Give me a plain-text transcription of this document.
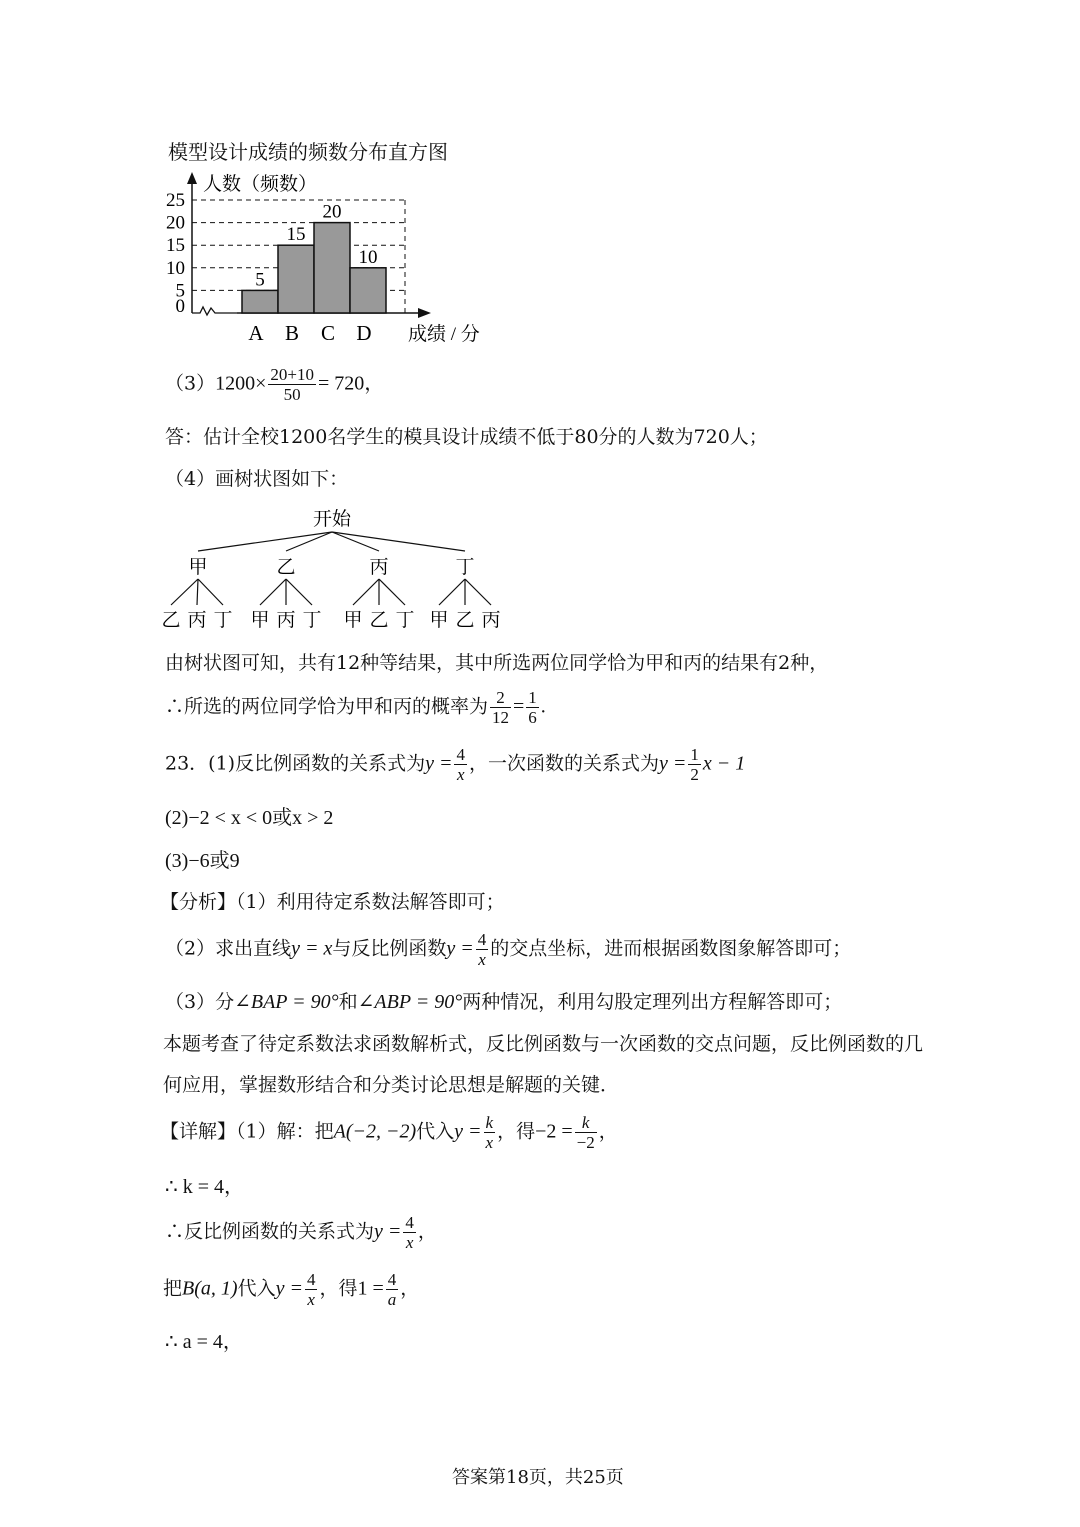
模型设计成绩的频数分布直方图
人数（频数）
25
20
15
10
5
0
5
A
15
B
20
C
10
D 成绩 / 分
$(3)1200\times \frac{20+10}{50} = 720$，
答：估计全校1200名学生的模具设计成绩不低于80分的人数为720人；
（4）画树状图如下：
开始
甲
乙 丙 丁
乙
甲 丙 丁
丙
甲 乙 丁
丁
甲 乙 丙
由树状图可知，共有12种等结果，其中所选两位同学恰为甲和丙的结果有2种，
∴所选的两位同学恰为甲和丙的概率为 $\frac{2}{12} = \frac{1}{6}$ .
23．(1)反比例函数的关系式为$y = \frac{4}{x}$ ，一次函数的关系式为$y = \frac{1}{2}$ x − 1
(2)−2 < x < 0或x > 2
(3)−6或9
【分析】（1）利用待定系数法解答即可；
（2）求出直线y = x与反比例函数$y = \frac{4}{x}$ 的交点坐标，进而根据函数图象解答即可；
（3）分∠BAP = 90°和∠ABP = 90°两种情况，利用勾股定理列出方程解答即可；
本题考查了待定系数法求函数解析式，反比例函数与一次函数的交点问题，反比例函数的几
何应用，掌握数形结合和分类讨论思想是解题的关键．
【详解】（1）解：把A(−2, −2)代入$y = \frac{k}{x}$ ，得$-2 = \frac{k}{-2}$ ，
∴ k = 4，
∴反比例函数的关系式为$y = \frac{4}{x}$ ，
把B(a, 1)代入$y = \frac{4}{x}$ ，得$1 = \frac{4}{a}$ ，
∴ a = 4，
答案第18页，共25页
